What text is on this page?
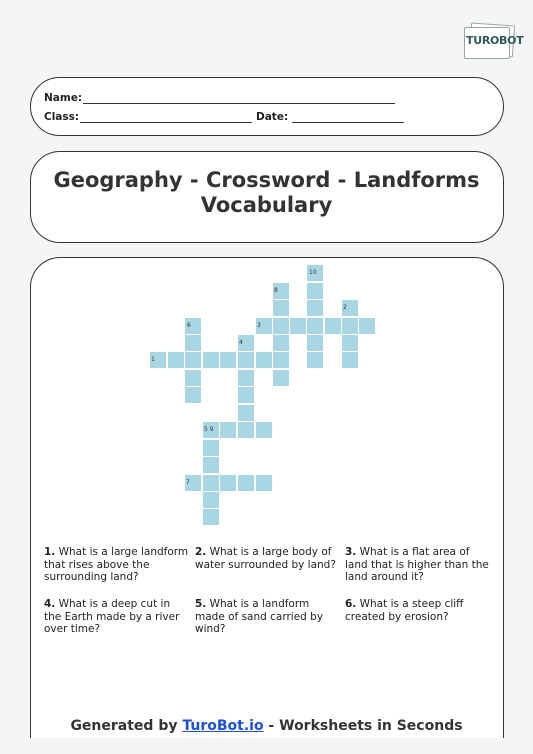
TUROBOT
Name:
Class:	Date:
Geography - Crossword - Landforms
Vocabulary
10
8
2
6	3
4
1
5 9
7
1. What is a large landform that rises above the surrounding land?
2. What is a large body of water surrounded by land?
3. What is a flat area of land that is higher than the land around it?
4. What is a deep cut in the Earth made by a river over time?
5. What is a landform made of sand carried by wind?
6. What is a steep cliff created by erosion?
Generated by TuroBot.io - Worksheets in Seconds
